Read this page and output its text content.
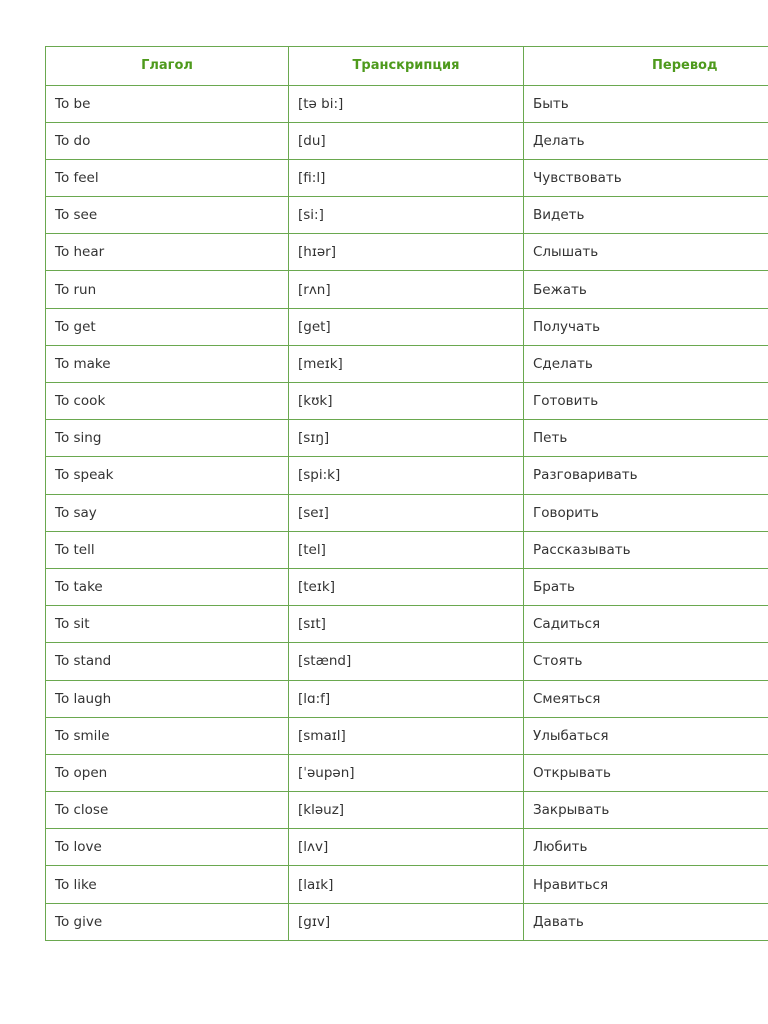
Глагол	Транскрипция	Перевод
To be	[tə bi:]	Быть
To do	[du]	Делать
To feel	[fi:l]	Чувствовать
To see	[si:]	Видеть
To hear	[hɪər]	Слышать
To run	[rʌn]	Бежать
To get	[get]	Получать
To make	[meɪk]	Сделать
To cook	[kʊk]	Готовить
To sing	[sɪŋ]	Петь
To speak	[spi:k]	Разговаривать
To say	[seɪ]	Говорить
To tell	[tel]	Рассказывать
To take	[teɪk]	Брать
To sit	[sɪt]	Садиться
To stand	[stænd]	Стоять
To laugh	[lɑ:f]	Смеяться
To smile	[smaɪl]	Улыбаться
To open	[ˈəupən]	Открывать
To close	[kləuz]	Закрывать
To love	[lʌv]	Любить
To like	[laɪk]	Нравиться
To give	[gɪv]	Давать
